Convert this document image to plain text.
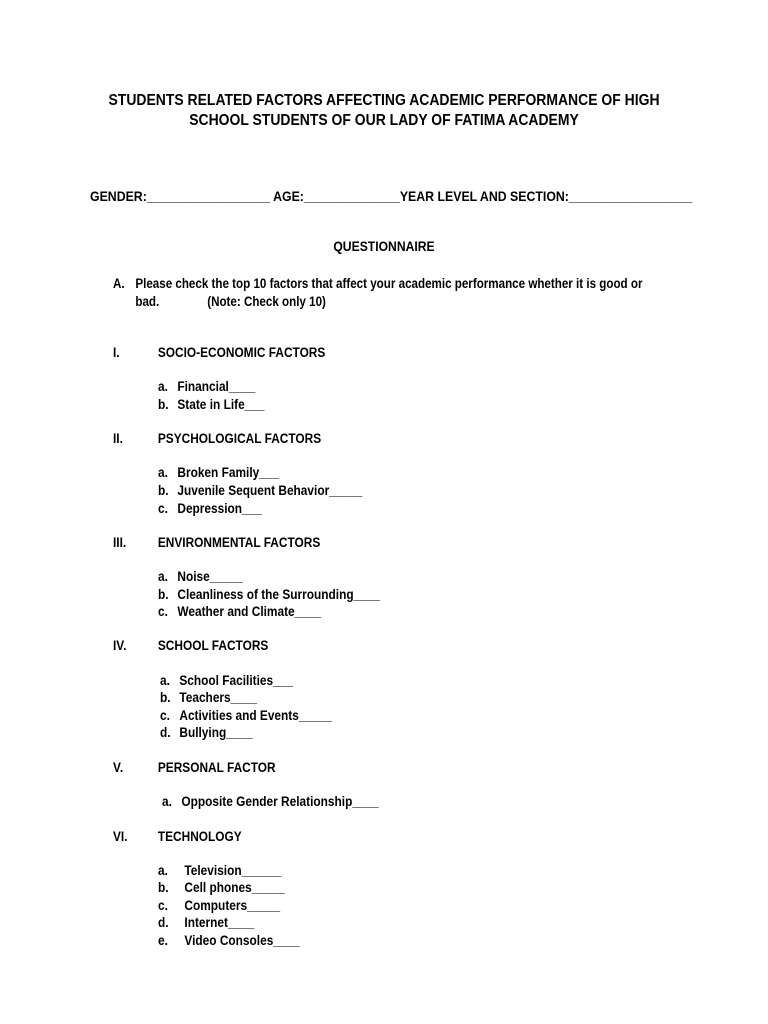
STUDENTS RELATED FACTORS AFFECTING ACADEMIC PERFORMANCE OF HIGH
SCHOOL STUDENTS OF OUR LADY OF FATIMA ACADEMY
GENDER:__________________ AGE:______________YEAR LEVEL AND SECTION:__________________
QUESTIONNAIRE
A. Please check the top 10 factors that affect your academic performance whether it is good or
bad.	(Note: Check only 10)
I.	SOCIO-ECONOMIC FACTORS
a. Financial____
b. State in Life___
II.	PSYCHOLOGICAL FACTORS
a. Broken Family___
b. Juvenile Sequent Behavior_____
c. Depression___
III. ENVIRONMENTAL FACTORS
a. Noise_____
b. Cleanliness of the Surrounding____
c. Weather and Climate____
IV. SCHOOL FACTORS
a. School Facilities___
b. Teachers____
c. Activities and Events_____
d. Bullying____
V.	PERSONAL FACTOR
a. Opposite Gender Relationship____
VI. TECHNOLOGY
a. Television______
b. Cell phones_____
c. Computers_____
d. Internet____
e. Video Consoles____
